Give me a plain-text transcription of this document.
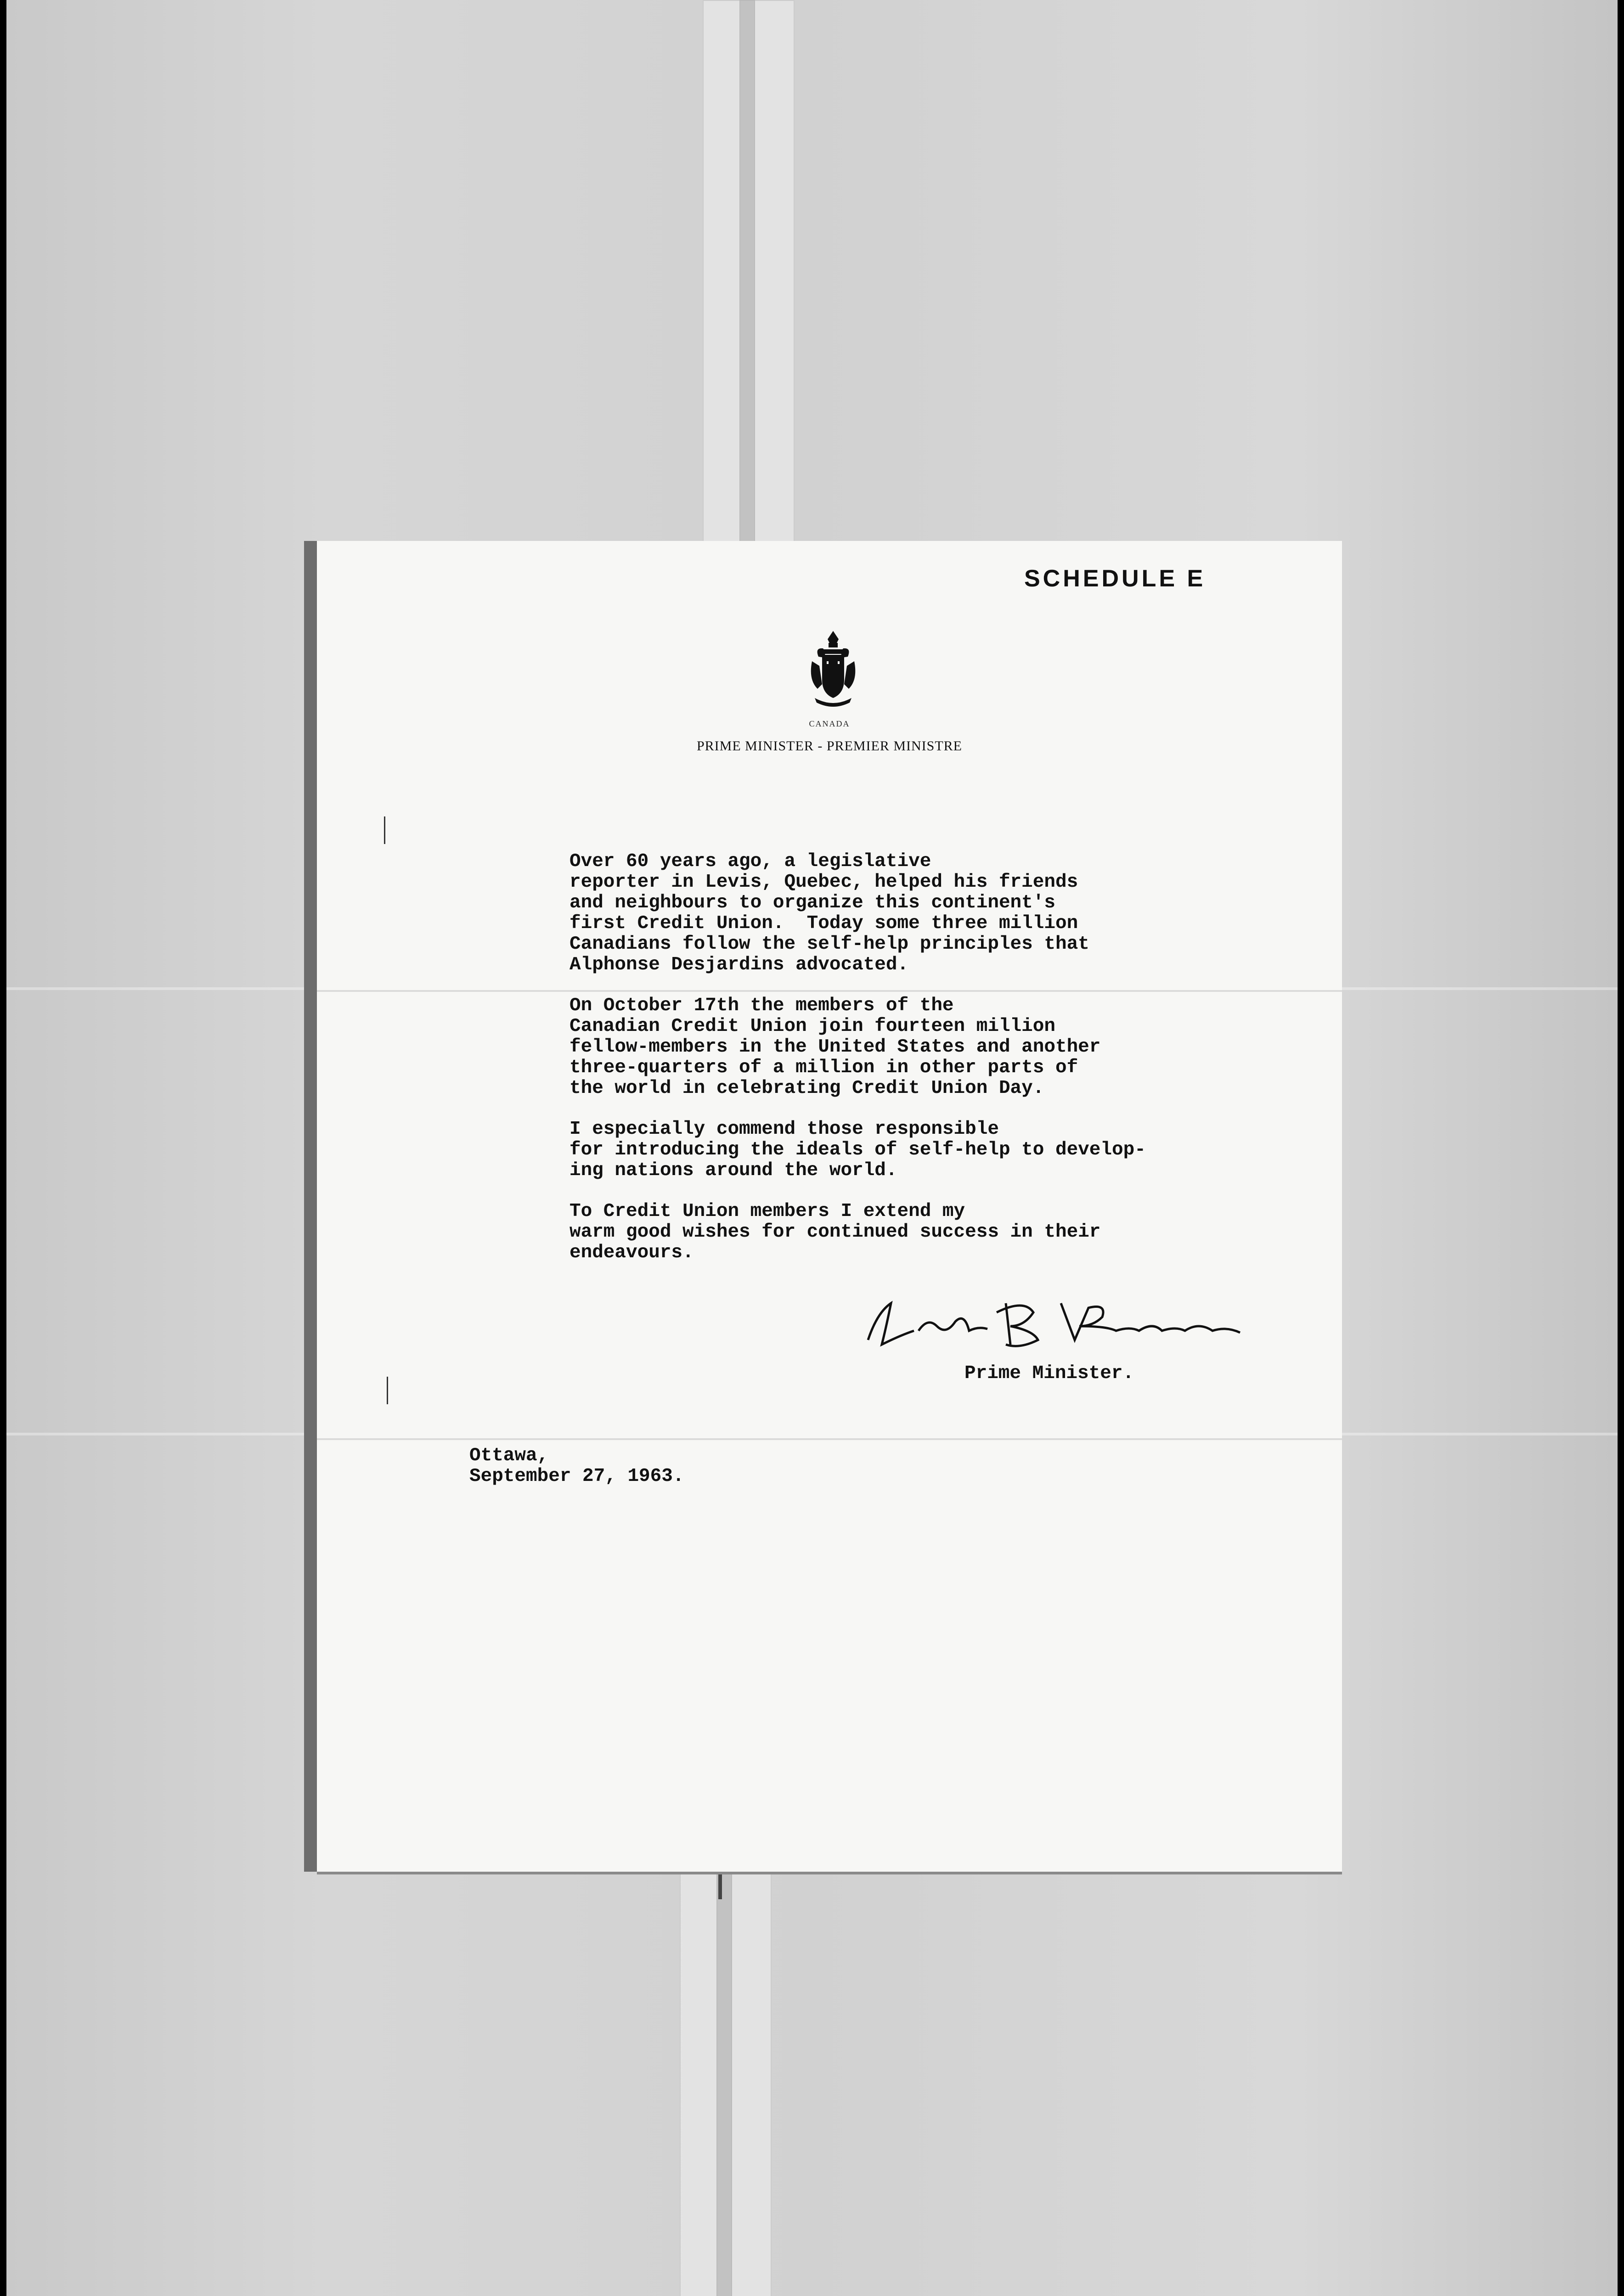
SCHEDULE E
CANADA
PRIME MINISTER - PREMIER MINISTRE

Over 60 years ago, a legislative
reporter in Levis, Quebec, helped his friends
and neighbours to organize this continent's
first Credit Union.  Today some three million
Canadians follow the self-help principles that
Alphonse Desjardins advocated.

On October 17th the members of the
Canadian Credit Union join fourteen million
fellow-members in the United States and another
three-quarters of a million in other parts of
the world in celebrating Credit Union Day.

I especially commend those responsible
for introducing the ideals of self-help to develop-
ing nations around the world.

To Credit Union members I extend my
warm good wishes for continued success in their
endeavours.

Prime Minister.
Ottawa,
September 27, 1963.
